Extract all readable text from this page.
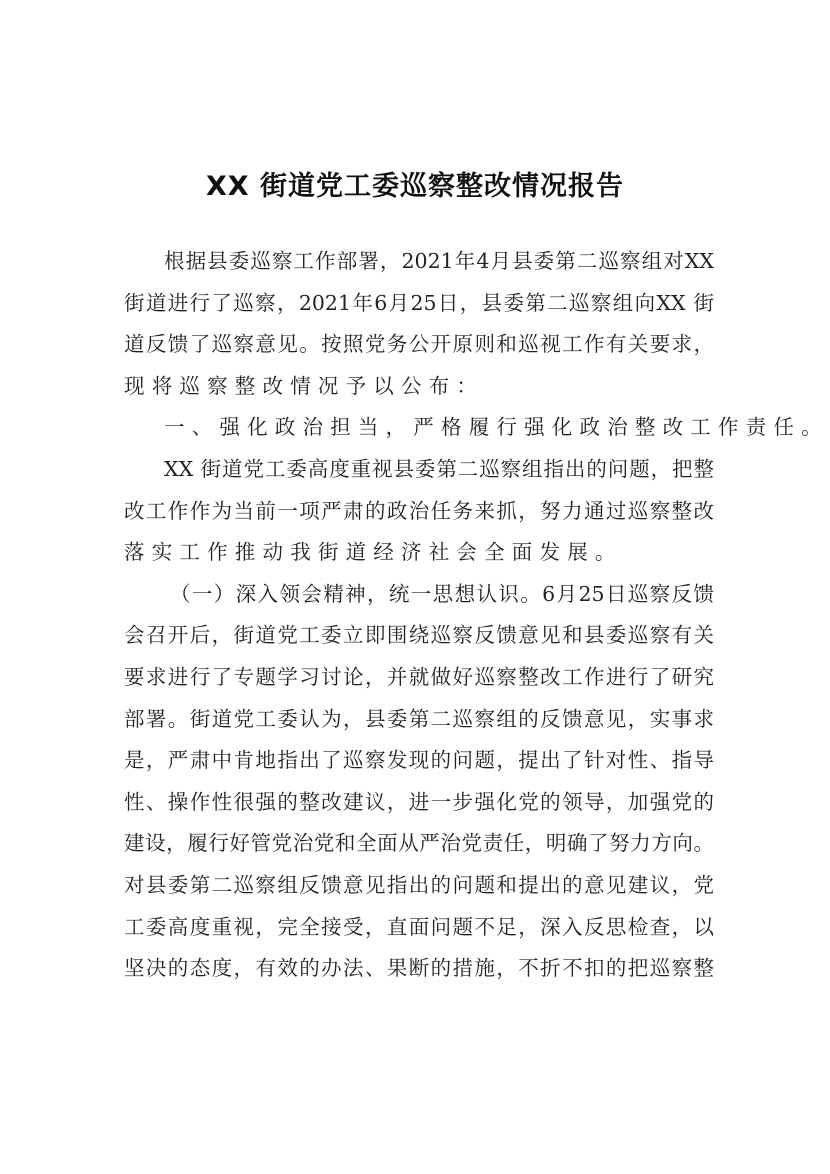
XX 街道党工委巡察整改情况报告
根据县委巡察工作部署，2021年4月县委第二巡察组对XX
街道进行了巡察，2021年6月25日，县委第二巡察组向XX 街
道反馈了巡察意见。按照党务公开原则和巡视工作有关要求，
现将巡察整改情况予以公布：
一、强化政治担当，严格履行强化政治整改工作责任。
XX 街道党工委高度重视县委第二巡察组指出的问题，把整
改工作作为当前一项严肃的政治任务来抓，努力通过巡察整改
落实工作推动我街道经济社会全面发展。
（一）深入领会精神，统一思想认识。6月25日巡察反馈
会召开后，街道党工委立即围绕巡察反馈意见和县委巡察有关
要求进行了专题学习讨论，并就做好巡察整改工作进行了研究
部署。街道党工委认为，县委第二巡察组的反馈意见，实事求
是，严肃中肯地指出了巡察发现的问题，提出了针对性、指导
性、操作性很强的整改建议，进一步强化党的领导，加强党的
建设，履行好管党治党和全面从严治党责任，明确了努力方向。
对县委第二巡察组反馈意见指出的问题和提出的意见建议，党
工委高度重视，完全接受，直面问题不足，深入反思检查，以
坚决的态度，有效的办法、果断的措施，不折不扣的把巡察整
